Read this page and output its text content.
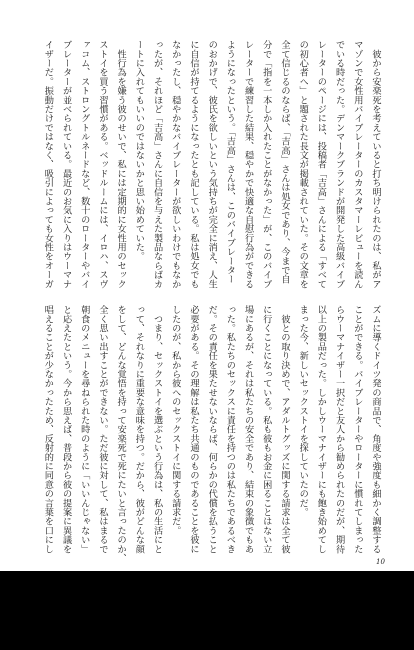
　彼から安楽死を考えていると打ち明けられたのは、私がア
マゾンで女性用バイブレーターのカスタマーレビューを読ん
でいる時だった。デンマークブランドが開発した高級バイブ
レーターのページには、投稿者「吉高」さんによる「すべて
の初心者へ」と題された長文が掲載されていた。その文章を
全て信じるのならば、「吉高」さんは処女であり、今まで自
分で「指を一本しか入れたことがなかった」が、このバイブ
レーターで練習した結果、穏やかで快適な自慰行為ができる
ようになったという。「吉高」さんは、このバイブレーター
のおかげで、彼氏を欲しいという気持ちが完全に消え、人生
に自信が持てるようになったとも記している。私は処女でも
なかったし、穏やかなバイブレーターが欲しいわけでもなか
ったが、それほど「吉高」さんに自信を与えた製品ならばカ
ートに入れてもいいのではないかと思い始めていた。
　性行為を嫌う彼のせいで、私には定期的に女性用のセック
ストイを買う習慣がある。ベッドルームには、イロハ、スヴ
ァコム、ストロングトルネードなど、数十のローターやバイ
ブレーターが並べられている。最近のお気に入りはウーマナ
イザーだ。振動だけではなく、吸引によっても女性をオーガ
ズムに導くドイツ発の商品で、角度や強度も細かく調整する
ことができる。バイブレーターやローターに慣れてしまった
らウーマナイザー一択だと友人から勧められたのだが、期待
以上の製品だった。しかしウーマナイザーにも飽き始めてし
まった今、新しいセックストイを探していたのだ。
　彼との取り決めで、アダルトグッズに関する請求は全て彼
に行くことになっている。私も彼もお金に困ることはない立
場にあるが、それは私たちの安全であり、結束の象徴でもあ
った。私たちのセックスに責任を持つのは私たちであるべき
だ。その責任を果たせないならば、何らかの代償を払うこと
必要がある。その理解は私たち共通のものであることを彼に
したのが、私から彼へのセックストイに関する請求だ。
　つまり、セックストイを選ぶという行為は、私の生活にと
って、それなりに重要な意味を持つ。だから、彼がどんな顔
をして、どんな覚悟を持って安楽死で死にたいと言ったのか、
全く思い出すことができない。ただ彼に対して、私はまるで
朝食のメニューを尋ねられた時のように「いいんじゃない」
と応えたという。今から思えば、普段から彼の提案に異議を
唱えることが少なかったため、反射的に同意の言葉を口にし
10
